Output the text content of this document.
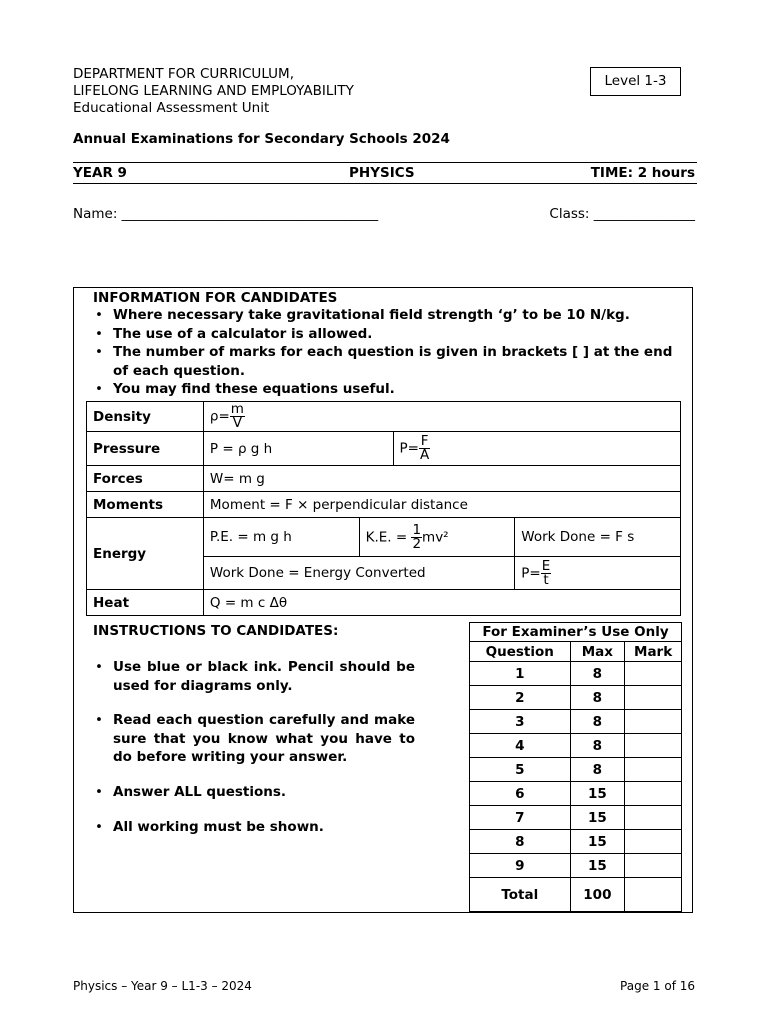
DEPARTMENT FOR CURRICULUM,
LIFELONG LEARNING AND EMPLOYABILITY
Educational Assessment Unit
Level 1-3
Annual Examinations for Secondary Schools 2024
YEAR 9	PHYSICS	TIME: 2 hours
Name: ______________________________________	Class: _______________
INFORMATION FOR CANDIDATES
• Where necessary take gravitational field strength ‘g’ to be 10 N/kg.
• The use of a calculator is allowed.
• The number of marks for each question is given in brackets [ ] at the end of each question.
• You may find these equations useful.
Density	$\rho= \frac{m}{V}$

Pressure	P = ρ g h		$P= \frac{F}{A}$

Forces	W= m g			
Moments	Moment = F × perpendicular distance			
Energy	P.E. = m g h	K.E. = $\frac{1}{2} mv^2$		Work Done = F s
	Work Done = Energy Converted			$P= \frac{E}{t}$

Heat	Q = m c Δθ			
INSTRUCTIONS TO CANDIDATES:
• Use blue or black ink. Pencil should be used for diagrams only.
• Read each question carefully and make sure that you know what you have to do before writing your answer.
• Answer ALL questions.
• All working must be shown.
For Examiner’s Use Only		
Question	Max	Mark
1	8	
2	8	
3	8	
4	8	
5	8	
6	15	
7	15	
8	15	
9	15	
Total	100	
Physics – Year 9 – L1-3 – 2024	Page 1 of 16
